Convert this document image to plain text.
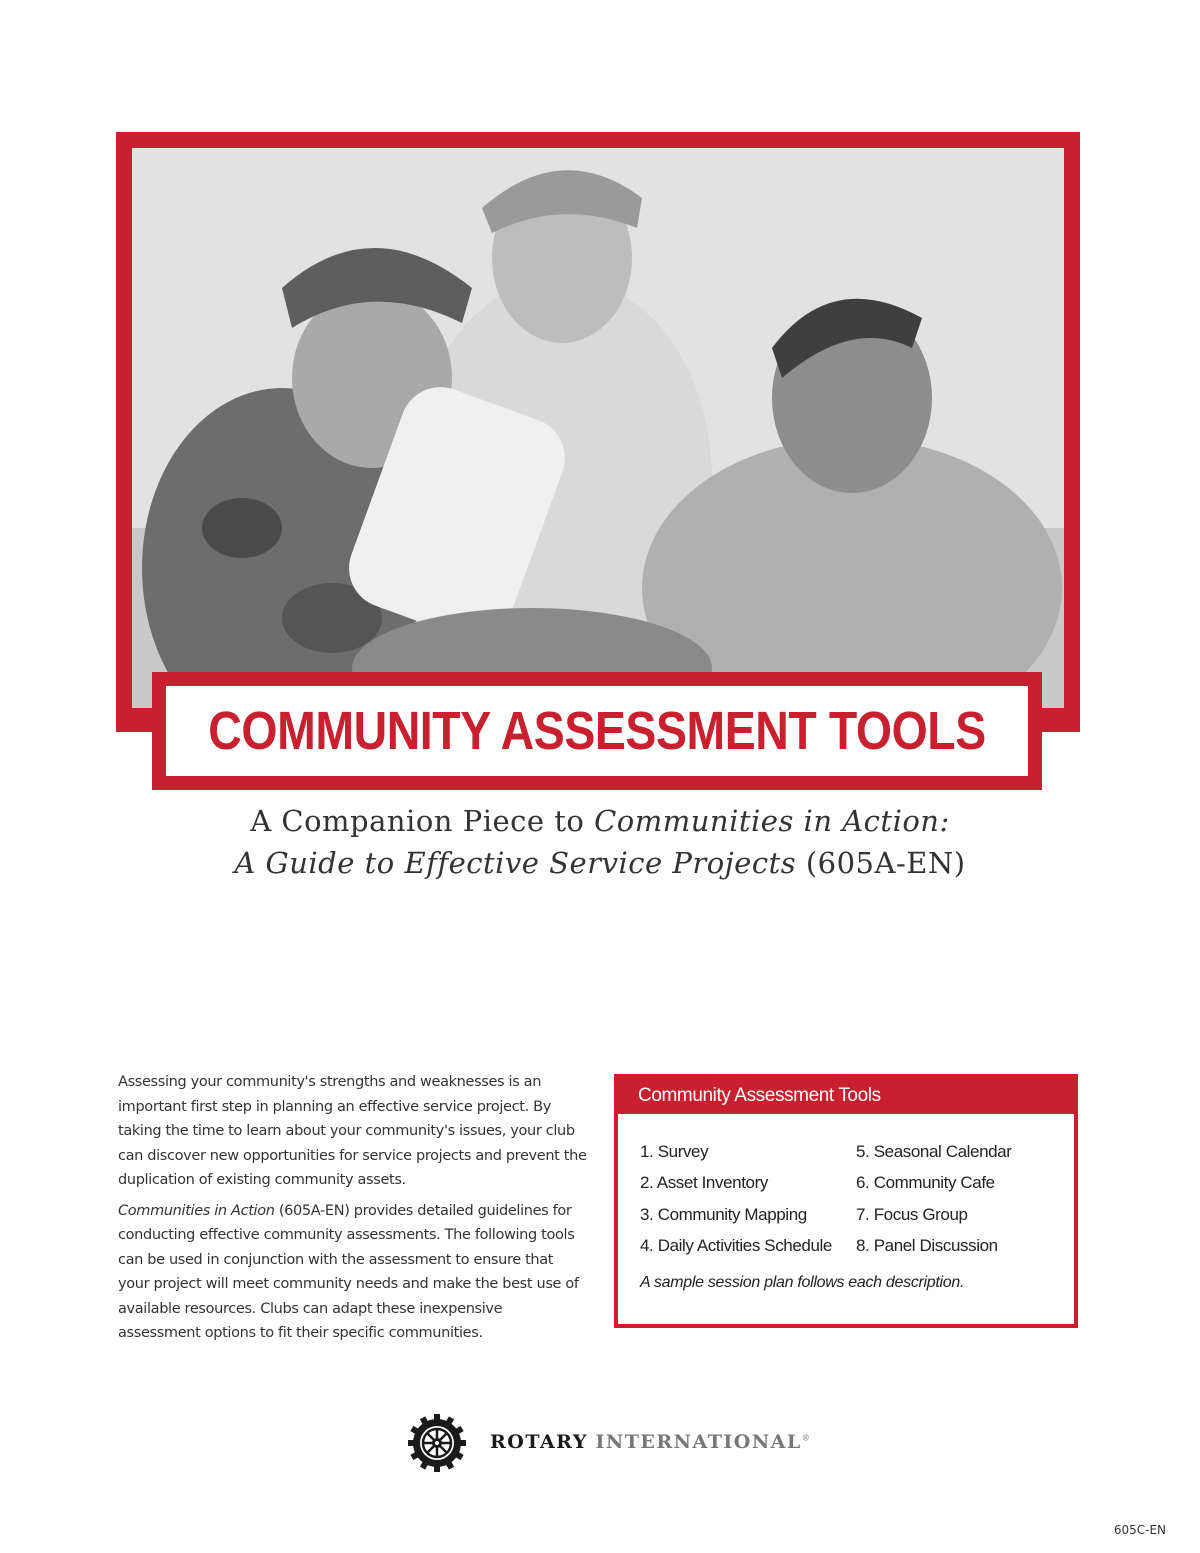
COMMUNITY ASSESSMENT TOOLS
A Companion Piece to Communities in Action:
A Guide to Effective Service Projects (605A-EN)

Assessing your community's strengths and weaknesses is an important first step in planning an effective service project. By taking the time to learn about your community's issues, your club can discover new opportunities for service projects and prevent the duplication of existing community assets.

Communities in Action (605A-EN) provides detailed guidelines for conducting effective community assessments. The following tools can be used in conjunction with the assessment to ensure that your project will meet community needs and make the best use of available resources. Clubs can adapt these inexpensive assessment options to fit their specific communities.

Community Assessment Tools
1. Survey
2. Asset Inventory
3. Community Mapping
4. Daily Activities Schedule
5. Seasonal Calendar
6. Community Cafe
7. Focus Group
8. Panel Discussion
A sample session plan follows each description.
ROTARY INTERNATIONAL®
605C-EN
